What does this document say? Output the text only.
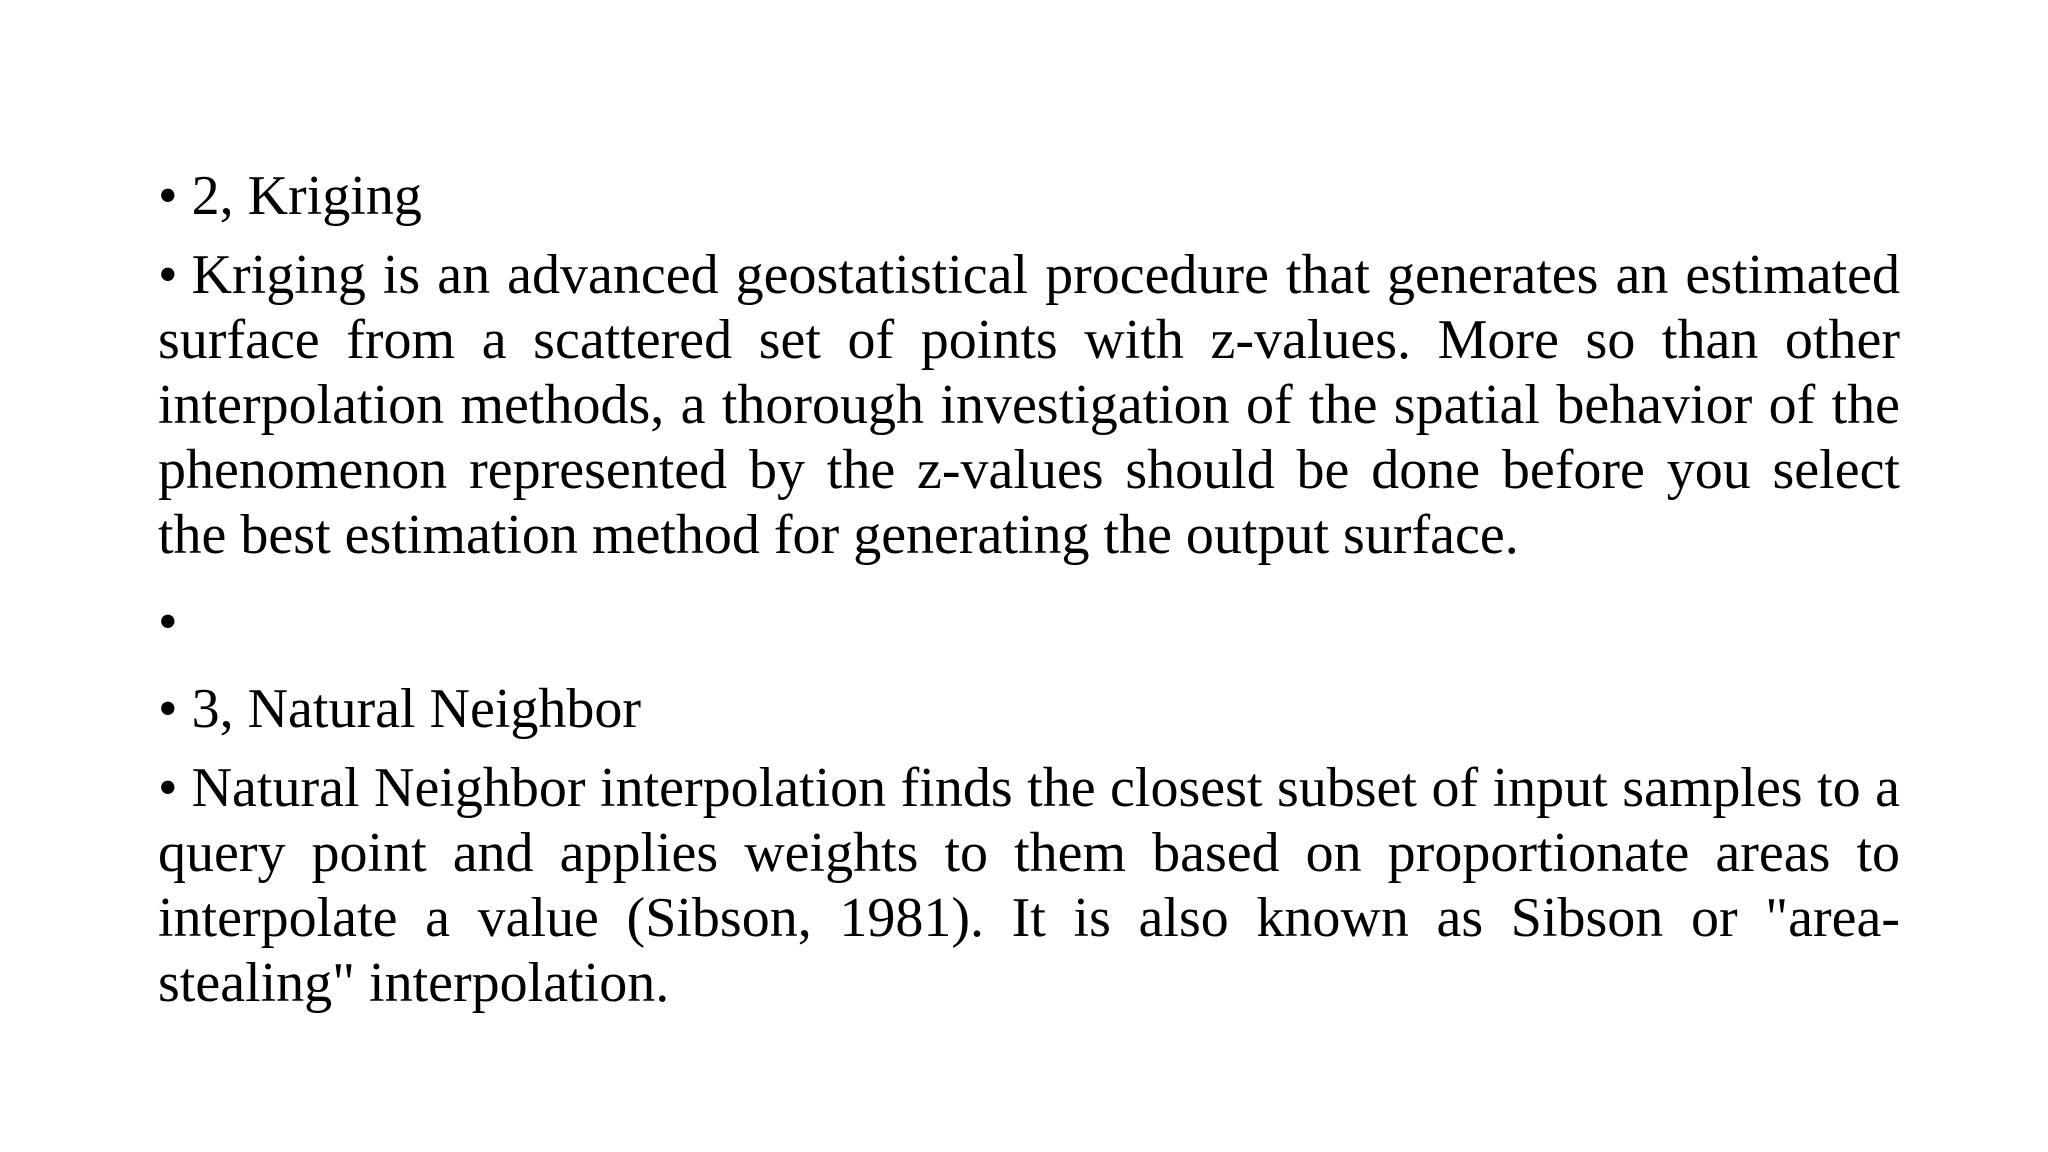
• 2, Kriging

• Kriging is an advanced geostatistical procedure that generates an estimated surface from a scattered set of points with z-values. More so than other interpolation methods, a thorough investigation of the spatial behavior of the phenomenon represented by the z-values should be done before you select the best estimation method for generating the output surface.

•

• 3, Natural Neighbor

• Natural Neighbor interpolation finds the closest subset of input samples to a query point and applies weights to them based on proportionate areas to interpolate a value (Sibson, 1981). It is also known as Sibson or "area-stealing" interpolation.
